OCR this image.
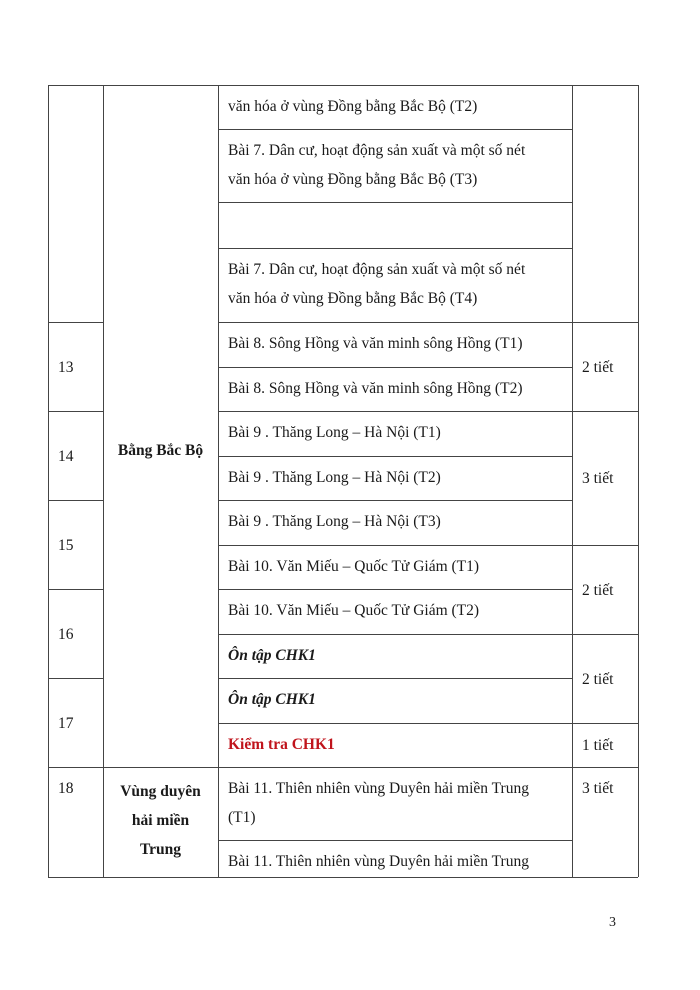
văn hóa ở vùng Đồng bằng Bắc Bộ (T2)
Bài 7. Dân cư, hoạt động sản xuất và một số nét
văn hóa ở vùng Đồng bằng Bắc Bộ (T3)
Bài 7. Dân cư, hoạt động sản xuất và một số nét
văn hóa ở vùng Đồng bằng Bắc Bộ (T4)
Bài 8. Sông Hồng và văn minh sông Hồng (T1)
Bài 8. Sông Hồng và văn minh sông Hồng (T2)
Bài 9 . Thăng Long – Hà Nội (T1)
Bài 9 . Thăng Long – Hà Nội (T2)
Bài 9 . Thăng Long – Hà Nội (T3)
Bài 10. Văn Miếu – Quốc Tử Giám (T1)
Bài 10. Văn Miếu – Quốc Tử Giám (T2)
Ôn tập CHK1
Ôn tập CHK1
Kiểm tra CHK1
Bài 11. Thiên nhiên vùng Duyên hải miền Trung
(T1)
Bài 11. Thiên nhiên vùng Duyên hải miền Trung
13
14
15
16
17
18
Bằng Bắc Bộ
Vùng duyên
hải miền
Trung
2 tiết
3 tiết
2 tiết
2 tiết
1 tiết
3 tiết
3
